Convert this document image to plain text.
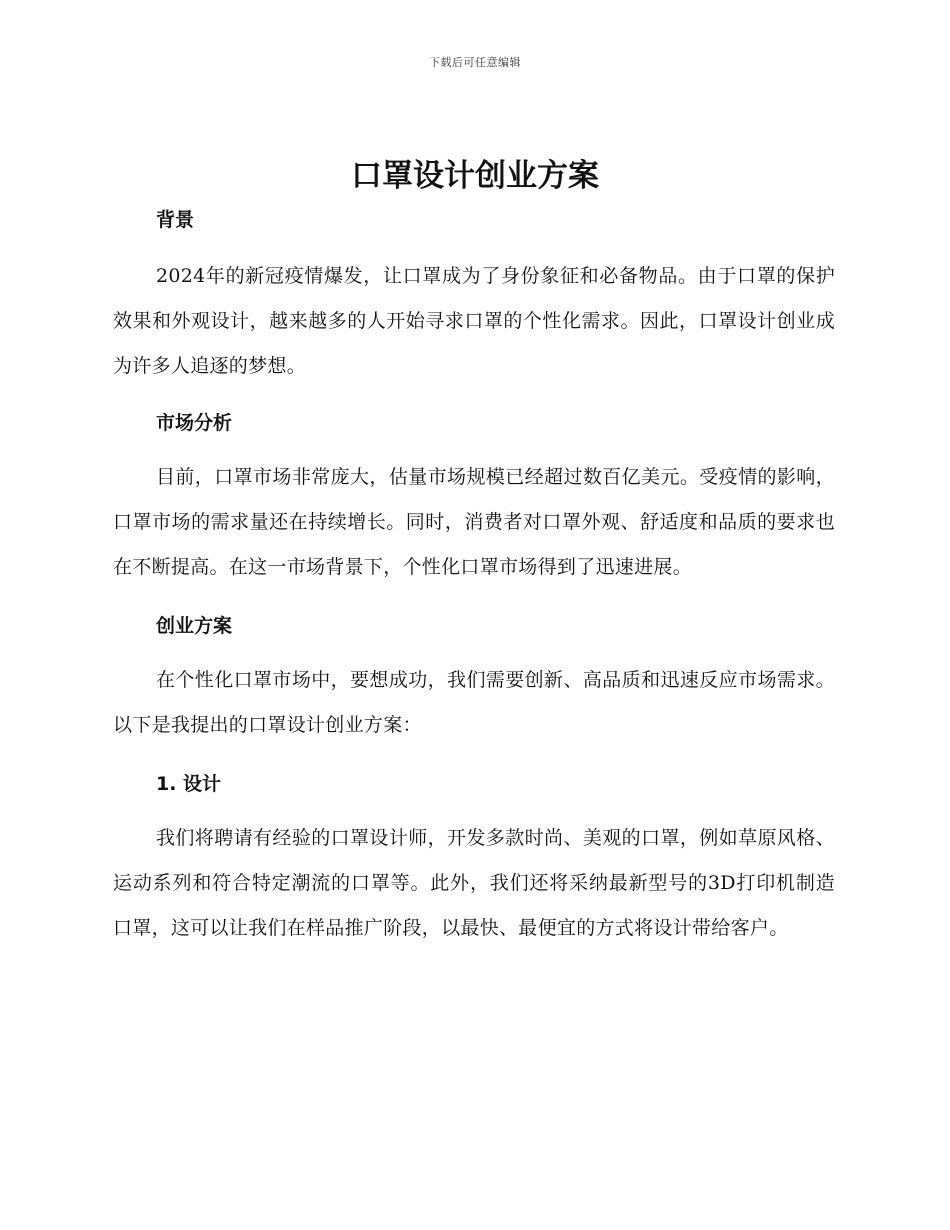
下载后可任意编辑
口罩设计创业方案
背景

2024年的新冠疫情爆发，让口罩成为了身份象征和必备物品。由于口罩的保护效果和外观设计，越来越多的人开始寻求口罩的个性化需求。因此，口罩设计创业成为许多人追逐的梦想。

市场分析

目前，口罩市场非常庞大，估量市场规模已经超过数百亿美元。受疫情的影响，口罩市场的需求量还在持续增长。同时，消费者对口罩外观、舒适度和品质的要求也在不断提高。在这一市场背景下，个性化口罩市场得到了迅速进展。

创业方案

在个性化口罩市场中，要想成功，我们需要创新、高品质和迅速反应市场需求。以下是我提出的口罩设计创业方案：

1. 设计

我们将聘请有经验的口罩设计师，开发多款时尚、美观的口罩，例如草原风格、运动系列和符合特定潮流的口罩等。此外，我们还将采纳最新型号的3D打印机制造口罩，这可以让我们在样品推广阶段，以最快、最便宜的方式将设计带给客户。
